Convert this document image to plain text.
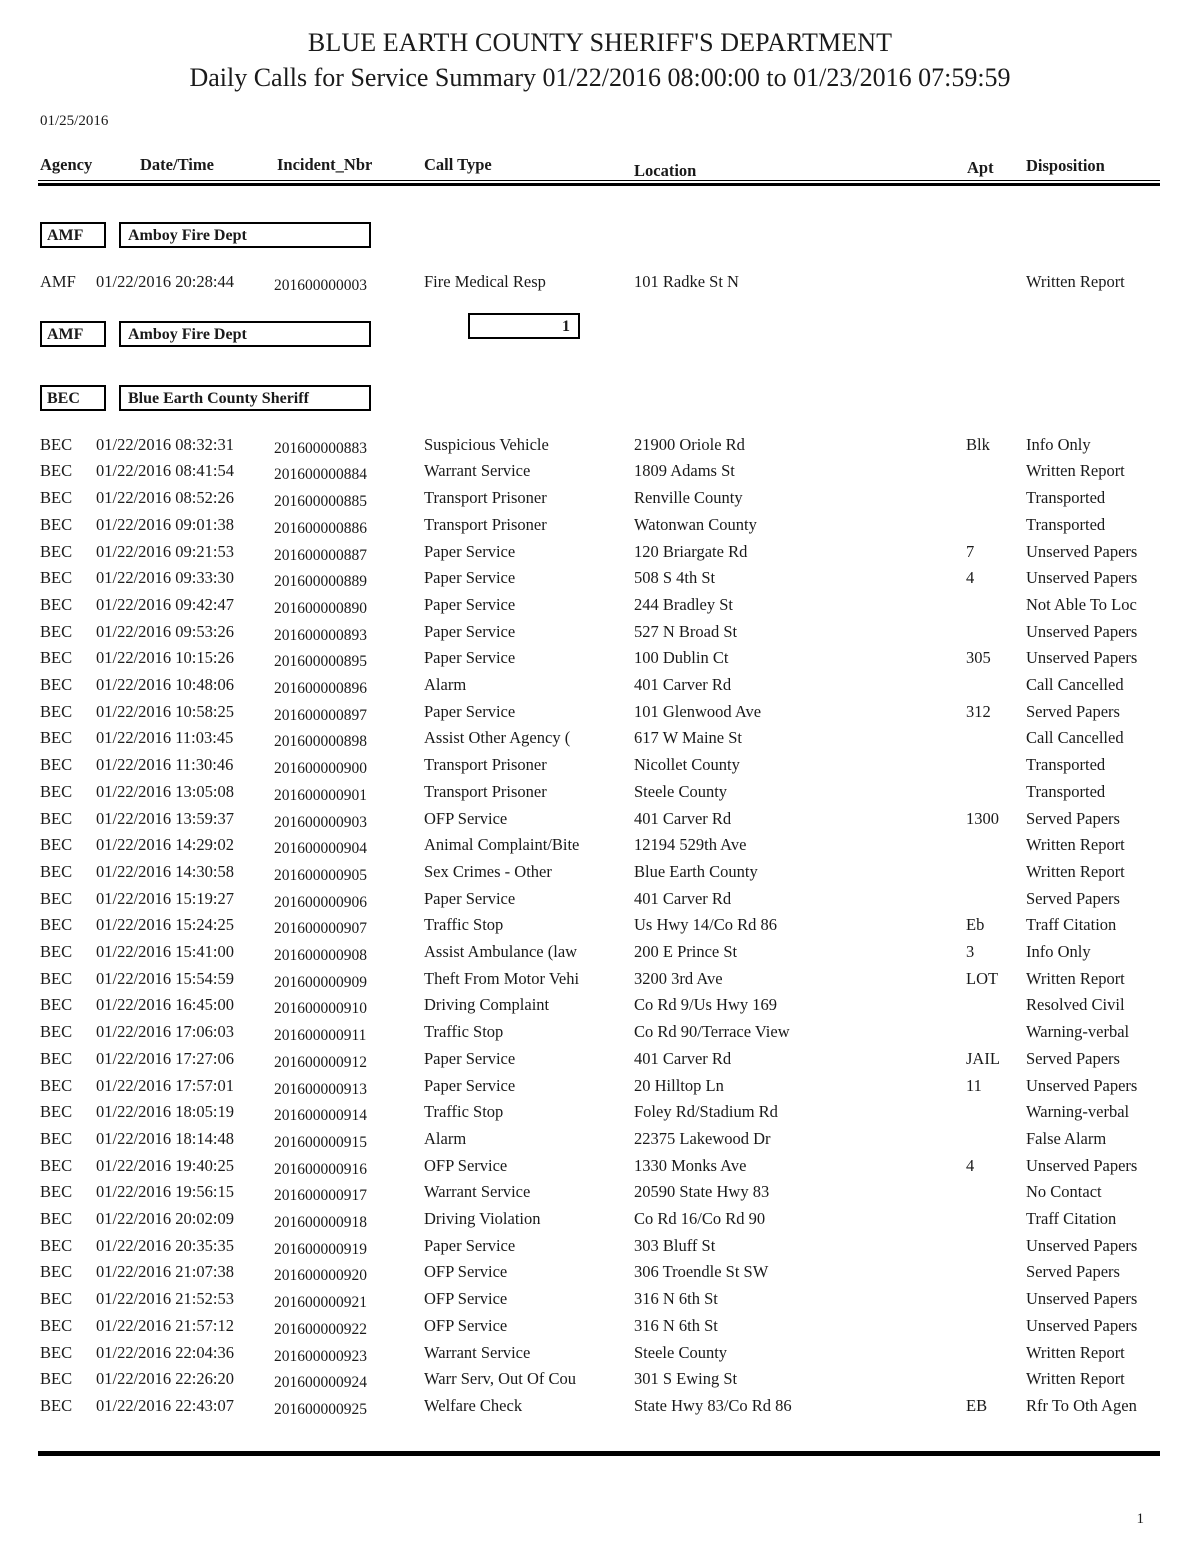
BLUE EARTH COUNTY SHERIFF'S DEPARTMENT
Daily Calls for Service Summary 01/22/2016 08:00:00 to 01/23/2016 07:59:59
01/25/2016
Agency	Date/Time	Incident_Nbr	Call Type	Location	Apt Disposition
AMF	Amboy Fire Dept
AMF 01/22/2016 20:28:44	201600000003	Fire Medical Resp	101 Radke St N	Written Report
AMF	Amboy Fire Dept	1
BEC	Blue Earth County Sheriff
BEC 01/22/2016 08:32:31	201600000883	Suspicious Vehicle	21900 Oriole Rd	Blk Info Only
BEC 01/22/2016 08:41:54	201600000884	Warrant Service	1809 Adams St	Written Report
BEC 01/22/2016 08:52:26	201600000885	Transport Prisoner	Renville County	Transported
BEC 01/22/2016 09:01:38	201600000886	Transport Prisoner	Watonwan County	Transported
BEC 01/22/2016 09:21:53	201600000887	Paper Service	120 Briargate Rd	7	Unserved Papers
BEC 01/22/2016 09:33:30	201600000889	Paper Service	508 S 4th St	4	Unserved Papers
BEC 01/22/2016 09:42:47	201600000890	Paper Service	244 Bradley St	Not Able To Loc
BEC 01/22/2016 09:53:26	201600000893	Paper Service	527 N Broad St	Unserved Papers
BEC 01/22/2016 10:15:26	201600000895	Paper Service	100 Dublin Ct	305 Unserved Papers
BEC 01/22/2016 10:48:06	201600000896	Alarm	401 Carver Rd	Call Cancelled
BEC 01/22/2016 10:58:25	201600000897	Paper Service	101 Glenwood Ave	312 Served Papers
BEC 01/22/2016 11:03:45	201600000898	Assist Other Agency (	617 W Maine St	Call Cancelled
BEC 01/22/2016 11:30:46	201600000900	Transport Prisoner	Nicollet County	Transported
BEC 01/22/2016 13:05:08	201600000901	Transport Prisoner	Steele County	Transported
BEC 01/22/2016 13:59:37	201600000903	OFP Service	401 Carver Rd	1300 Served Papers
BEC 01/22/2016 14:29:02	201600000904	Animal Complaint/Bite	12194 529th Ave	Written Report
BEC 01/22/2016 14:30:58	201600000905	Sex Crimes - Other	Blue Earth County	Written Report
BEC 01/22/2016 15:19:27	201600000906	Paper Service	401 Carver Rd	Served Papers
BEC 01/22/2016 15:24:25	201600000907	Traffic Stop	Us Hwy 14/Co Rd 86	Eb	Traff Citation
BEC 01/22/2016 15:41:00	201600000908	Assist Ambulance (law	200 E Prince St	3	Info Only
BEC 01/22/2016 15:54:59	201600000909	Theft From Motor Vehi	3200 3rd Ave	LOT Written Report
BEC 01/22/2016 16:45:00	201600000910	Driving Complaint	Co Rd 9/Us Hwy 169	Resolved Civil
BEC 01/22/2016 17:06:03	201600000911	Traffic Stop	Co Rd 90/Terrace View	Warning-verbal
BEC 01/22/2016 17:27:06	201600000912	Paper Service	401 Carver Rd	JAIL Served Papers
BEC 01/22/2016 17:57:01	201600000913	Paper Service	20 Hilltop Ln	11	Unserved Papers
BEC 01/22/2016 18:05:19	201600000914	Traffic Stop	Foley Rd/Stadium Rd	Warning-verbal
BEC 01/22/2016 18:14:48	201600000915	Alarm	22375 Lakewood Dr	False Alarm
BEC 01/22/2016 19:40:25	201600000916	OFP Service	1330 Monks Ave	4	Unserved Papers
BEC 01/22/2016 19:56:15	201600000917	Warrant Service	20590 State Hwy 83	No Contact
BEC 01/22/2016 20:02:09	201600000918	Driving Violation	Co Rd 16/Co Rd 90	Traff Citation
BEC 01/22/2016 20:35:35	201600000919	Paper Service	303 Bluff St	Unserved Papers
BEC 01/22/2016 21:07:38	201600000920	OFP Service	306 Troendle St SW	Served Papers
BEC 01/22/2016 21:52:53	201600000921	OFP Service	316 N 6th St	Unserved Papers
BEC 01/22/2016 21:57:12	201600000922	OFP Service	316 N 6th St	Unserved Papers
BEC 01/22/2016 22:04:36	201600000923	Warrant Service	Steele County	Written Report
BEC 01/22/2016 22:26:20	201600000924	Warr Serv, Out Of Cou	301 S Ewing St	Written Report
BEC 01/22/2016 22:43:07	201600000925	Welfare Check	State Hwy 83/Co Rd 86	EB Rfr To Oth Agen
1
